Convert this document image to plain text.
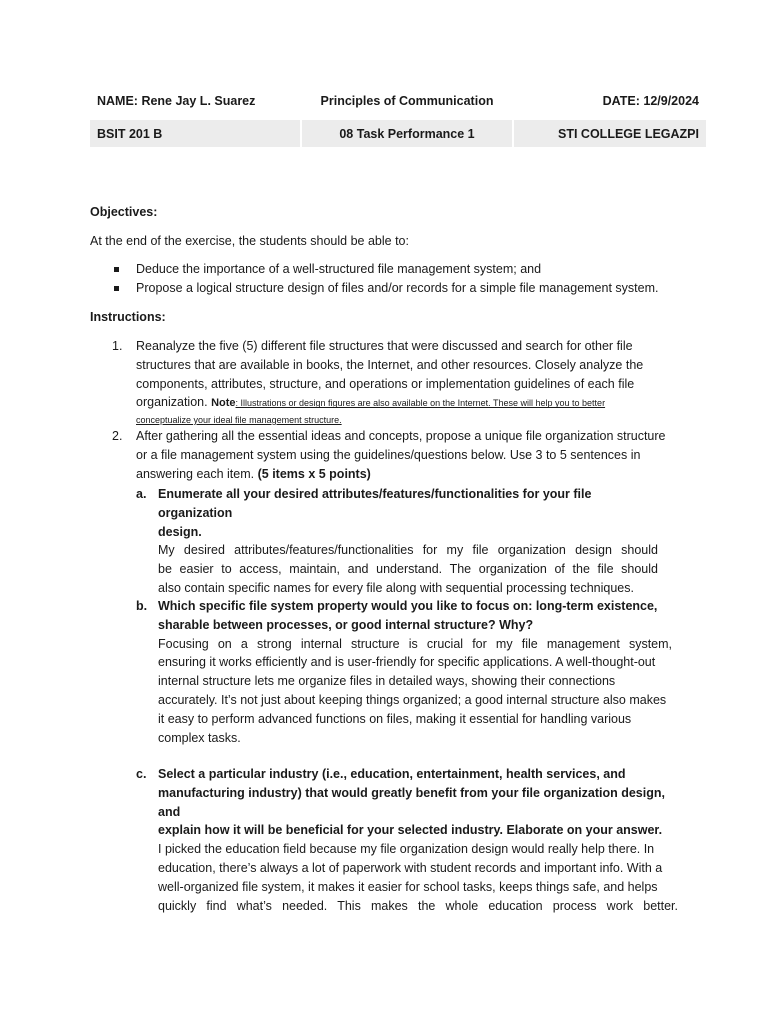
NAME: Rene Jay L. Suarez	Principles of Communication	DATE: 12/9/2024
BSIT 201 B	08 Task Performance 1	STI COLLEGE LEGAZPI
Objectives:
At the end of the exercise, the students should be able to:
Deduce the importance of a well-structured file management system; and
Propose a logical structure design of files and/or records for a simple file management system.
Instructions:
1. Reanalyze the five (5) different file structures that were discussed and search for other file
structures that are available in books, the Internet, and other resources. Closely analyze the
components, attributes, structure, and operations or implementation guidelines of each file
organization. Note: Illustrations or design figures are also available on the Internet. These will help you to better
conceptualize your ideal file management structure.
2. After gathering all the essential ideas and concepts, propose a unique file organization structure
or a file management system using the guidelines/questions below. Use 3 to 5 sentences in
answering each item. (5 items x 5 points)
a. Enumerate all your desired attributes/features/functionalities for your file organization
design.
My desired attributes/features/functionalities for my file organization design should
be easier to access, maintain, and understand. The organization of the file should
also contain specific names for every file along with sequential processing techniques.
b. Which specific file system property would you like to focus on: long-term existence,
sharable between processes, or good internal structure? Why?
Focusing on a strong internal structure is crucial for my file management system,
ensuring it works efficiently and is user-friendly for specific applications. A well-thought-out
internal structure lets me organize files in detailed ways, showing their connections
accurately. It’s not just about keeping things organized; a good internal structure also makes
it easy to perform advanced functions on files, making it essential for handling various
complex tasks.
c. Select a particular industry (i.e., education, entertainment, health services, and
manufacturing industry) that would greatly benefit from your file organization design, and
explain how it will be beneficial for your selected industry. Elaborate on your answer.
I picked the education field because my file organization design would really help there. In
education, there’s always a lot of paperwork with student records and important info. With a
well-organized file system, it makes it easier for school tasks, keeps things safe, and helps
quickly find what’s needed. This makes the whole education process work better.
